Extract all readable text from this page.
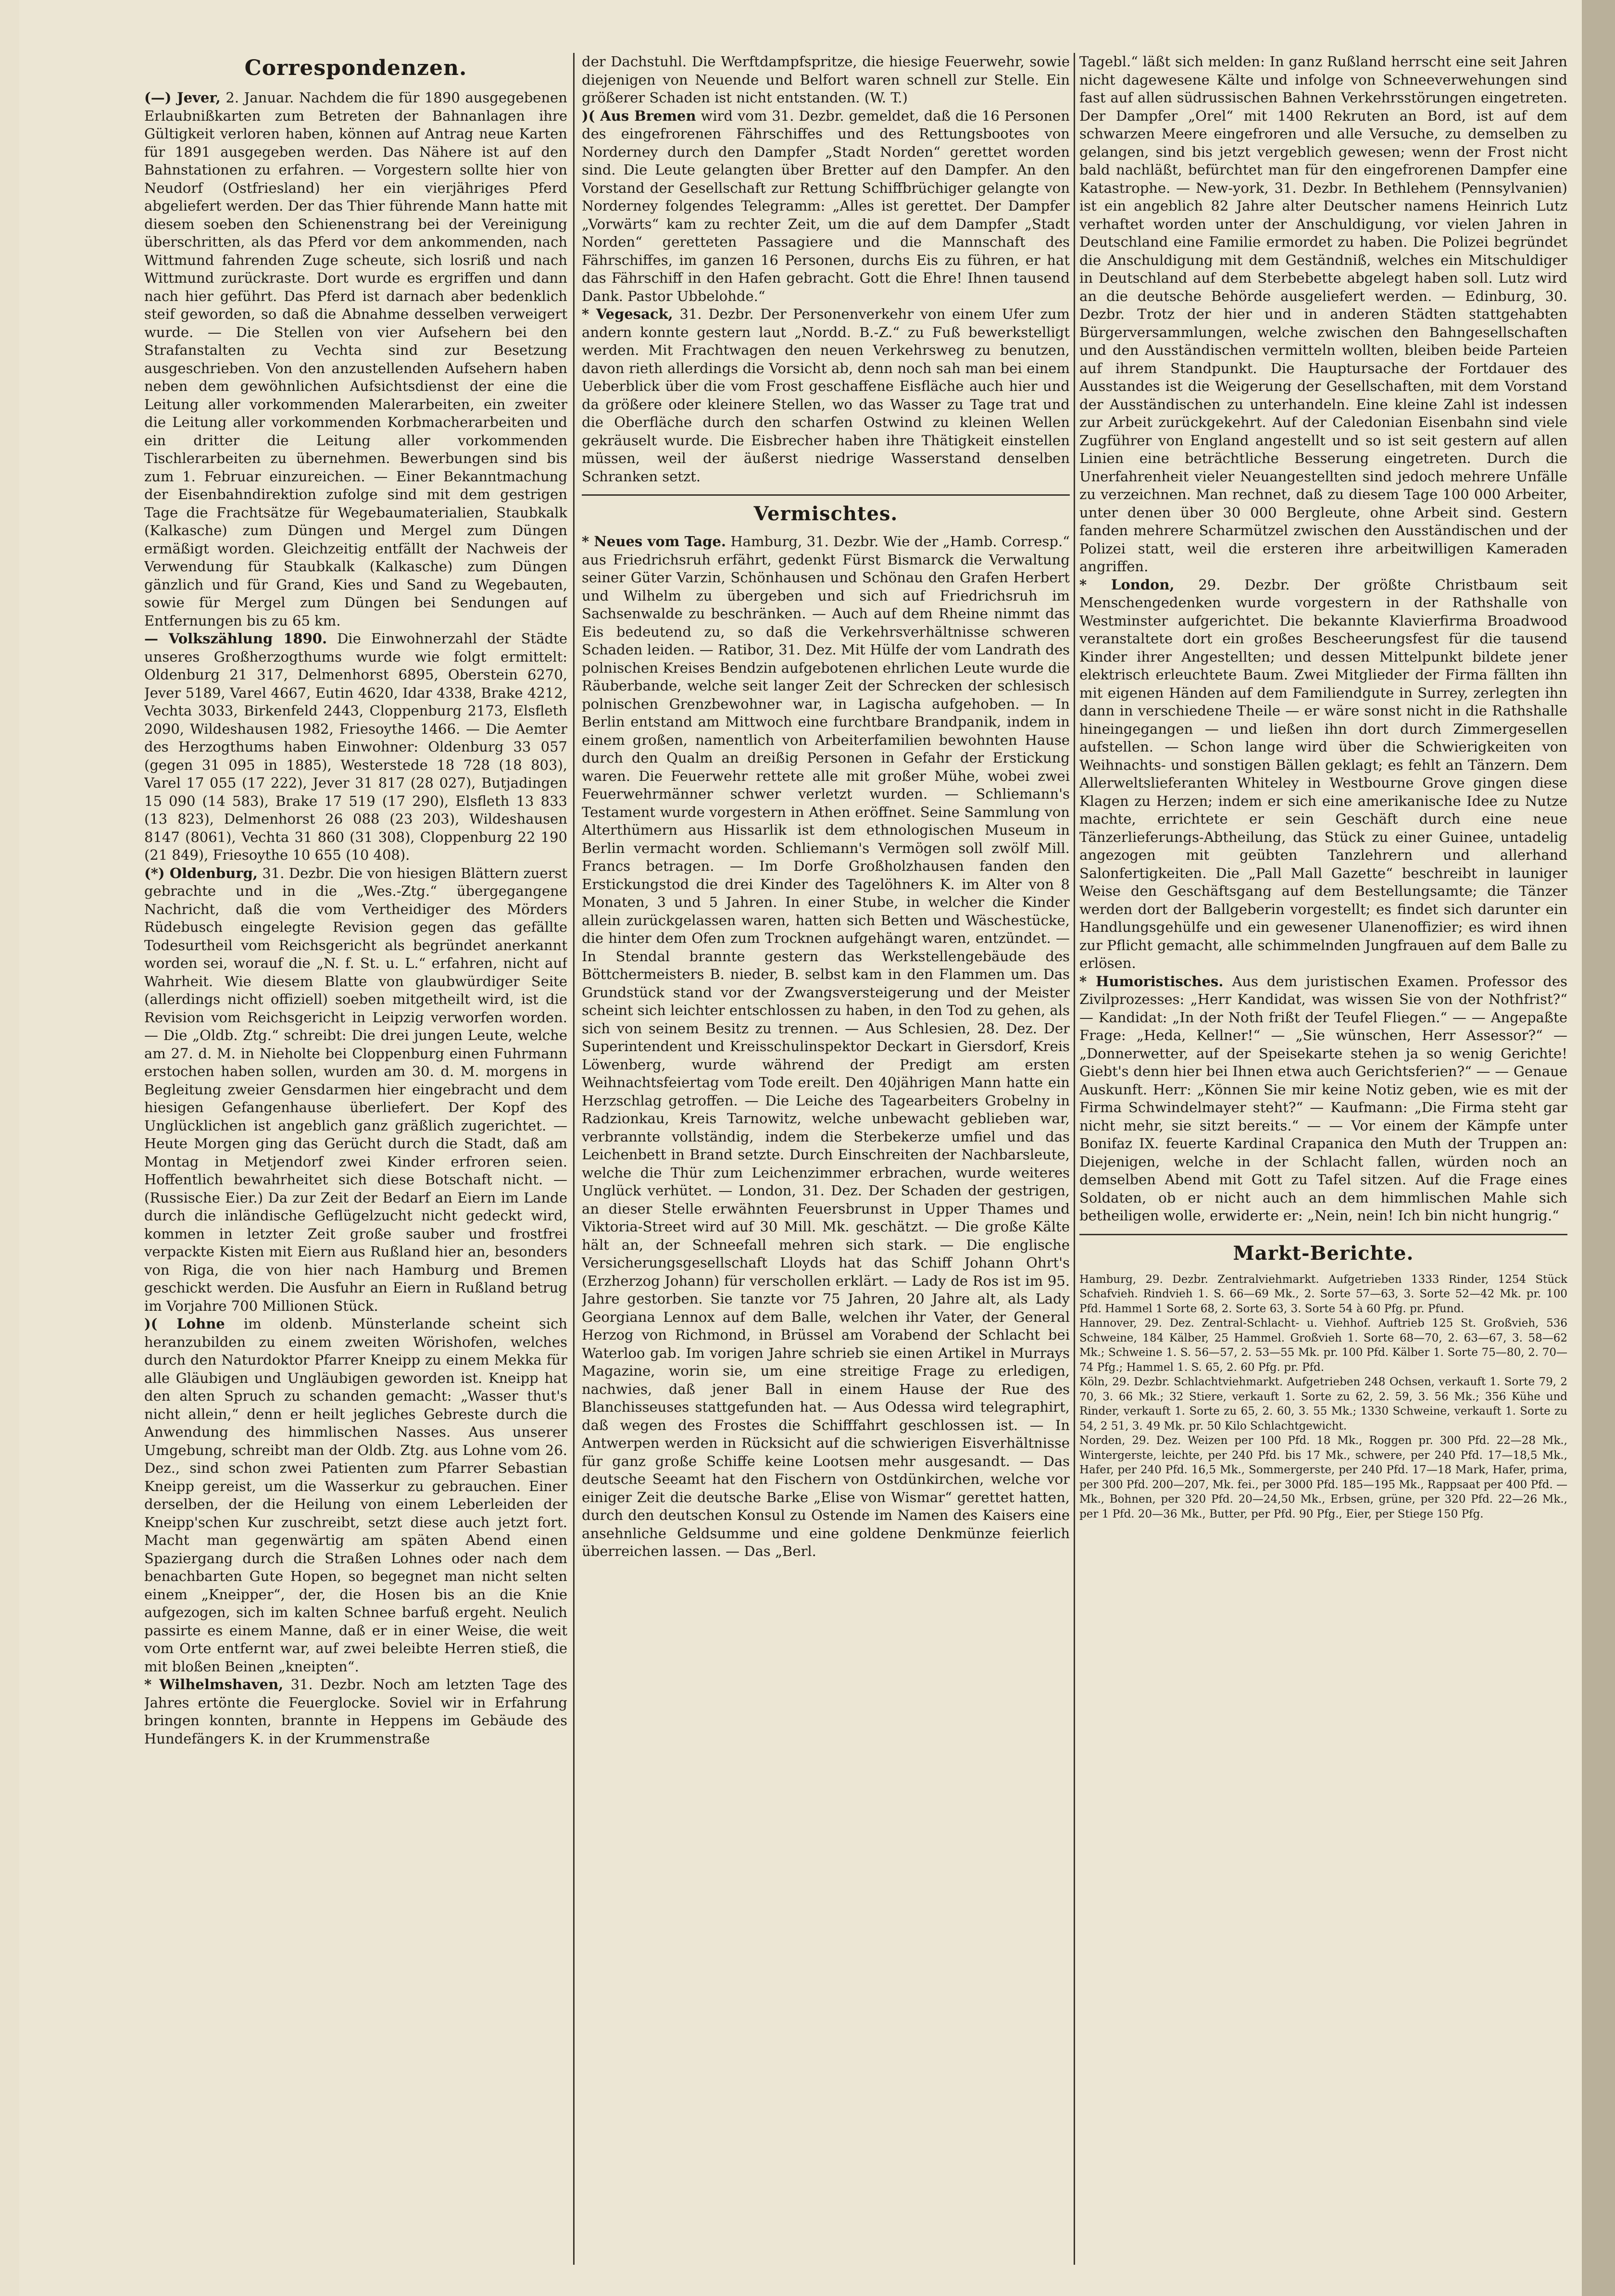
Correspondenzen.

(—) Jever, 2. Januar. Nachdem die für 1890 ausgegebenen Erlaubnißkarten zum Betreten der Bahnanlagen ihre Gültigkeit verloren haben, können auf Antrag neue Karten für 1891 ausgegeben werden. Das Nähere ist auf den Bahnstationen zu erfahren. — Vorgestern sollte hier von Neudorf (Ostfriesland) her ein vierjähriges Pferd abgeliefert werden. Der das Thier führende Mann hatte mit diesem soeben den Schienenstrang bei der Vereinigung überschritten, als das Pferd vor dem ankommenden, nach Wittmund fahrenden Zuge scheute, sich losriß und nach Wittmund zurückraste. Dort wurde es ergriffen und dann nach hier geführt. Das Pferd ist darnach aber bedenklich steif geworden, so daß die Abnahme desselben verweigert wurde. — Die Stellen von vier Aufsehern bei den Strafanstalten zu Vechta sind zur Besetzung ausgeschrieben. Von den anzustellenden Aufsehern haben neben dem gewöhnlichen Aufsichtsdienst der eine die Leitung aller vorkommenden Malerarbeiten, ein zweiter die Leitung aller vorkommenden Korbmacherarbeiten und ein dritter die Leitung aller vorkommenden Tischlerarbeiten zu übernehmen. Bewerbungen sind bis zum 1. Februar einzureichen. — Einer Bekanntmachung der Eisenbahndirektion zufolge sind mit dem gestrigen Tage die Frachtsätze für Wegebaumaterialien, Staubkalk (Kalkasche) zum Düngen und Mergel zum Düngen ermäßigt worden. Gleichzeitig entfällt der Nachweis der Verwendung für Staubkalk (Kalkasche) zum Düngen gänzlich und für Grand, Kies und Sand zu Wegebauten, sowie für Mergel zum Düngen bei Sendungen auf Entfernungen bis zu 65 km.

— Volkszählung 1890. Die Einwohnerzahl der Städte unseres Großherzogthums wurde wie folgt ermittelt: Oldenburg 21 317, Delmenhorst 6895, Oberstein 6270, Jever 5189, Varel 4667, Eutin 4620, Idar 4338, Brake 4212, Vechta 3033, Birkenfeld 2443, Cloppenburg 2173, Elsfleth 2090, Wildeshausen 1982, Friesoythe 1466. — Die Aemter des Herzogthums haben Einwohner: Oldenburg 33 057 (gegen 31 095 in 1885), Westerstede 18 728 (18 803), Varel 17 055 (17 222), Jever 31 817 (28 027), Butjadingen 15 090 (14 583), Brake 17 519 (17 290), Elsfleth 13 833 (13 823), Delmenhorst 26 088 (23 203), Wildeshausen 8147 (8061), Vechta 31 860 (31 308), Cloppenburg 22 190 (21 849), Friesoythe 10 655 (10 408).

(*) Oldenburg, 31. Dezbr. Die von hiesigen Blättern zuerst gebrachte und in die „Wes.-Ztg.“ übergegangene Nachricht, daß die vom Vertheidiger des Mörders Rüdebusch eingelegte Revision gegen das gefällte Todesurtheil vom Reichsgericht als begründet anerkannt worden sei, worauf die „N. f. St. u. L.“ erfahren, nicht auf Wahrheit. Wie diesem Blatte von glaubwürdiger Seite (allerdings nicht offiziell) soeben mitgetheilt wird, ist die Revision vom Reichsgericht in Leipzig verworfen worden. — Die „Oldb. Ztg.“ schreibt: Die drei jungen Leute, welche am 27. d. M. in Nieholte bei Cloppenburg einen Fuhrmann erstochen haben sollen, wurden am 30. d. M. morgens in Begleitung zweier Gensdarmen hier eingebracht und dem hiesigen Gefangenhause überliefert. Der Kopf des Unglücklichen ist angeblich ganz gräßlich zugerichtet. — Heute Morgen ging das Gerücht durch die Stadt, daß am Montag in Metjendorf zwei Kinder erfroren seien. Hoffentlich bewahrheitet sich diese Botschaft nicht. — (Russische Eier.) Da zur Zeit der Bedarf an Eiern im Lande durch die inländische Geflügelzucht nicht gedeckt wird, kommen in letzter Zeit große sauber und frostfrei verpackte Kisten mit Eiern aus Rußland hier an, besonders von Riga, die von hier nach Hamburg und Bremen geschickt werden. Die Ausfuhr an Eiern in Rußland betrug im Vorjahre 700 Millionen Stück.

)( Lohne im oldenb. Münsterlande scheint sich heranzubilden zu einem zweiten Wörishofen, welches durch den Naturdoktor Pfarrer Kneipp zu einem Mekka für alle Gläubigen und Ungläubigen geworden ist. Kneipp hat den alten Spruch zu schanden gemacht: „Wasser thut's nicht allein,“ denn er heilt jegliches Gebreste durch die Anwendung des himmlischen Nasses. Aus unserer Umgebung, schreibt man der Oldb. Ztg. aus Lohne vom 26. Dez., sind schon zwei Patienten zum Pfarrer Sebastian Kneipp gereist, um die Wasserkur zu gebrauchen. Einer derselben, der die Heilung von einem Leberleiden der Kneipp'schen Kur zuschreibt, setzt diese auch jetzt fort. Macht man gegenwärtig am späten Abend einen Spaziergang durch die Straßen Lohnes oder nach dem benachbarten Gute Hopen, so begegnet man nicht selten einem „Kneipper“, der, die Hosen bis an die Knie aufgezogen, sich im kalten Schnee barfuß ergeht. Neulich passirte es einem Manne, daß er in einer Weise, die weit vom Orte entfernt war, auf zwei beleibte Herren stieß, die mit bloßen Beinen „kneipten“.

* Wilhelmshaven, 31. Dezbr. Noch am letzten Tage des Jahres ertönte die Feuerglocke. Soviel wir in Erfahrung bringen konnten, brannte in Heppens im Gebäude des Hundefängers K. in der Krummenstraße

der Dachstuhl. Die Werftdampfspritze, die hiesige Feuerwehr, sowie diejenigen von Neuende und Belfort waren schnell zur Stelle. Ein größerer Schaden ist nicht entstanden. (W. T.)

)( Aus Bremen wird vom 31. Dezbr. gemeldet, daß die 16 Personen des eingefrorenen Fährschiffes und des Rettungsbootes von Norderney durch den Dampfer „Stadt Norden“ gerettet worden sind. Die Leute gelangten über Bretter auf den Dampfer. An den Vorstand der Gesellschaft zur Rettung Schiffbrüchiger gelangte von Norderney folgendes Telegramm: „Alles ist gerettet. Der Dampfer „Vorwärts“ kam zu rechter Zeit, um die auf dem Dampfer „Stadt Norden“ geretteten Passagiere und die Mannschaft des Fährschiffes, im ganzen 16 Personen, durchs Eis zu führen, er hat das Fährschiff in den Hafen gebracht. Gott die Ehre! Ihnen tausend Dank. Pastor Ubbelohde.“

* Vegesack, 31. Dezbr. Der Personenverkehr von einem Ufer zum andern konnte gestern laut „Nordd. B.-Z.“ zu Fuß bewerkstelligt werden. Mit Frachtwagen den neuen Verkehrsweg zu benutzen, davon rieth allerdings die Vorsicht ab, denn noch sah man bei einem Ueberblick über die vom Frost geschaffene Eisfläche auch hier und da größere oder kleinere Stellen, wo das Wasser zu Tage trat und die Oberfläche durch den scharfen Ostwind zu kleinen Wellen gekräuselt wurde. Die Eisbrecher haben ihre Thätigkeit einstellen müssen, weil der äußerst niedrige Wasserstand denselben Schranken setzt.

Vermischtes.

* Neues vom Tage. Hamburg, 31. Dezbr. Wie der „Hamb. Corresp.“ aus Friedrichsruh erfährt, gedenkt Fürst Bismarck die Verwaltung seiner Güter Varzin, Schönhausen und Schönau den Grafen Herbert und Wilhelm zu übergeben und sich auf Friedrichsruh im Sachsenwalde zu beschränken. — Auch auf dem Rheine nimmt das Eis bedeutend zu, so daß die Verkehrsverhältnisse schweren Schaden leiden. — Ratibor, 31. Dez. Mit Hülfe der vom Landrath des polnischen Kreises Bendzin aufgebotenen ehrlichen Leute wurde die Räuberbande, welche seit langer Zeit der Schrecken der schlesisch polnischen Grenzbewohner war, in Lagischa aufgehoben. — In Berlin entstand am Mittwoch eine furchtbare Brandpanik, indem in einem großen, namentlich von Arbeiterfamilien bewohnten Hause durch den Qualm an dreißig Personen in Gefahr der Erstickung waren. Die Feuerwehr rettete alle mit großer Mühe, wobei zwei Feuerwehrmänner schwer verletzt wurden. — Schliemann's Testament wurde vorgestern in Athen eröffnet. Seine Sammlung von Alterthümern aus Hissarlik ist dem ethnologischen Museum in Berlin vermacht worden. Schliemann's Vermögen soll zwölf Mill. Francs betragen. — Im Dorfe Großholzhausen fanden den Erstickungstod die drei Kinder des Tagelöhners K. im Alter von 8 Monaten, 3 und 5 Jahren. In einer Stube, in welcher die Kinder allein zurückgelassen waren, hatten sich Betten und Wäschestücke, die hinter dem Ofen zum Trocknen aufgehängt waren, entzündet. — In Stendal brannte gestern das Werkstellengebäude des Böttchermeisters B. nieder, B. selbst kam in den Flammen um. Das Grundstück stand vor der Zwangsversteigerung und der Meister scheint sich leichter entschlossen zu haben, in den Tod zu gehen, als sich von seinem Besitz zu trennen. — Aus Schlesien, 28. Dez. Der Superintendent und Kreisschulinspektor Deckart in Giersdorf, Kreis Löwenberg, wurde während der Predigt am ersten Weihnachtsfeiertag vom Tode ereilt. Den 40jährigen Mann hatte ein Herzschlag getroffen. — Die Leiche des Tagearbeiters Grobelny in Radzionkau, Kreis Tarnowitz, welche unbewacht geblieben war, verbrannte vollständig, indem die Sterbekerze umfiel und das Leichenbett in Brand setzte. Durch Einschreiten der Nachbarsleute, welche die Thür zum Leichenzimmer erbrachen, wurde weiteres Unglück verhütet. — London, 31. Dez. Der Schaden der gestrigen, an dieser Stelle erwähnten Feuersbrunst in Upper Thames und Viktoria-Street wird auf 30 Mill. Mk. geschätzt. — Die große Kälte hält an, der Schneefall mehren sich stark. — Die englische Versicherungsgesellschaft Lloyds hat das Schiff Johann Ohrt's (Erzherzog Johann) für verschollen erklärt. — Lady de Ros ist im 95. Jahre gestorben. Sie tanzte vor 75 Jahren, 20 Jahre alt, als Lady Georgiana Lennox auf dem Balle, welchen ihr Vater, der General Herzog von Richmond, in Brüssel am Vorabend der Schlacht bei Waterloo gab. Im vorigen Jahre schrieb sie einen Artikel in Murrays Magazine, worin sie, um eine streitige Frage zu erledigen, nachwies, daß jener Ball in einem Hause der Rue des Blanchisseuses stattgefunden hat. — Aus Odessa wird telegraphirt, daß wegen des Frostes die Schifffahrt geschlossen ist. — In Antwerpen werden in Rücksicht auf die schwierigen Eisverhältnisse für ganz große Schiffe keine Lootsen mehr ausgesandt. — Das deutsche Seeamt hat den Fischern von Ostdünkirchen, welche vor einiger Zeit die deutsche Barke „Elise von Wismar“ gerettet hatten, durch den deutschen Konsul zu Ostende im Namen des Kaisers eine ansehnliche Geldsumme und eine goldene Denkmünze feierlich überreichen lassen. — Das „Berl.

Tagebl.“ läßt sich melden: In ganz Rußland herrscht eine seit Jahren nicht dagewesene Kälte und infolge von Schneeverwehungen sind fast auf allen südrussischen Bahnen Verkehrsstörungen eingetreten. Der Dampfer „Orel“ mit 1400 Rekruten an Bord, ist auf dem schwarzen Meere eingefroren und alle Versuche, zu demselben zu gelangen, sind bis jetzt vergeblich gewesen; wenn der Frost nicht bald nachläßt, befürchtet man für den eingefrorenen Dampfer eine Katastrophe. — New-york, 31. Dezbr. In Bethlehem (Pennsylvanien) ist ein angeblich 82 Jahre alter Deutscher namens Heinrich Lutz verhaftet worden unter der Anschuldigung, vor vielen Jahren in Deutschland eine Familie ermordet zu haben. Die Polizei begründet die Anschuldigung mit dem Geständniß, welches ein Mitschuldiger in Deutschland auf dem Sterbebette abgelegt haben soll. Lutz wird an die deutsche Behörde ausgeliefert werden. — Edinburg, 30. Dezbr. Trotz der hier und in anderen Städten stattgehabten Bürgerversammlungen, welche zwischen den Bahngesellschaften und den Ausständischen vermitteln wollten, bleiben beide Parteien auf ihrem Standpunkt. Die Hauptursache der Fortdauer des Ausstandes ist die Weigerung der Gesellschaften, mit dem Vorstand der Ausständischen zu unterhandeln. Eine kleine Zahl ist indessen zur Arbeit zurückgekehrt. Auf der Caledonian Eisenbahn sind viele Zugführer von England angestellt und so ist seit gestern auf allen Linien eine beträchtliche Besserung eingetreten. Durch die Unerfahrenheit vieler Neuangestellten sind jedoch mehrere Unfälle zu verzeichnen. Man rechnet, daß zu diesem Tage 100 000 Arbeiter, unter denen über 30 000 Bergleute, ohne Arbeit sind. Gestern fanden mehrere Scharmützel zwischen den Ausständischen und der Polizei statt, weil die ersteren ihre arbeitwilligen Kameraden angriffen.

* London, 29. Dezbr. Der größte Christbaum seit Menschengedenken wurde vorgestern in der Rathshalle von Westminster aufgerichtet. Die bekannte Klavierfirma Broadwood veranstaltete dort ein großes Bescheerungsfest für die tausend Kinder ihrer Angestellten; und dessen Mittelpunkt bildete jener elektrisch erleuchtete Baum. Zwei Mitglieder der Firma fällten ihn mit eigenen Händen auf dem Familiendgute in Surrey, zerlegten ihn dann in verschiedene Theile — er wäre sonst nicht in die Rathshalle hineingegangen — und ließen ihn dort durch Zimmergesellen aufstellen. — Schon lange wird über die Schwierigkeiten von Weihnachts- und sonstigen Bällen geklagt; es fehlt an Tänzern. Dem Allerweltslieferanten Whiteley in Westbourne Grove gingen diese Klagen zu Herzen; indem er sich eine amerikanische Idee zu Nutze machte, errichtete er sein Geschäft durch eine neue Tänzerlieferungs-Abtheilung, das Stück zu einer Guinee, untadelig angezogen mit geübten Tanzlehrern und allerhand Salonfertigkeiten. Die „Pall Mall Gazette“ beschreibt in launiger Weise den Geschäftsgang auf dem Bestellungsamte; die Tänzer werden dort der Ballgeberin vorgestellt; es findet sich darunter ein Handlungsgehülfe und ein gewesener Ulanenoffizier; es wird ihnen zur Pflicht gemacht, alle schimmelnden Jungfrauen auf dem Balle zu erlösen.

* Humoristisches. Aus dem juristischen Examen. Professor des Zivilprozesses: „Herr Kandidat, was wissen Sie von der Nothfrist?“ — Kandidat: „In der Noth frißt der Teufel Fliegen.“ — — Angepaßte Frage: „Heda, Kellner!“ — „Sie wünschen, Herr Assessor?“ — „Donnerwetter, auf der Speisekarte stehen ja so wenig Gerichte! Giebt's denn hier bei Ihnen etwa auch Gerichtsferien?“ — — Genaue Auskunft. Herr: „Können Sie mir keine Notiz geben, wie es mit der Firma Schwindelmayer steht?“ — Kaufmann: „Die Firma steht gar nicht mehr, sie sitzt bereits.“ — — Vor einem der Kämpfe unter Bonifaz IX. feuerte Kardinal Crapanica den Muth der Truppen an: Diejenigen, welche in der Schlacht fallen, würden noch an demselben Abend mit Gott zu Tafel sitzen. Auf die Frage eines Soldaten, ob er nicht auch an dem himmlischen Mahle sich betheiligen wolle, erwiderte er: „Nein, nein! Ich bin nicht hungrig.“

Markt-Berichte.

Hamburg, 29. Dezbr. Zentralviehmarkt. Aufgetrieben 1333 Rinder, 1254 Stück Schafvieh. Rindvieh 1. S. 66—69 Mk., 2. Sorte 57—63, 3. Sorte 52—42 Mk. pr. 100 Pfd. Hammel 1 Sorte 68, 2. Sorte 63, 3. Sorte 54 à 60 Pfg. pr. Pfund.

Hannover, 29. Dez. Zentral-Schlacht- u. Viehhof. Auftrieb 125 St. Großvieh, 536 Schweine, 184 Kälber, 25 Hammel. Großvieh 1. Sorte 68—70, 2. 63—67, 3. 58—62 Mk.; Schweine 1. S. 56—57, 2. 53—55 Mk. pr. 100 Pfd. Kälber 1. Sorte 75—80, 2. 70—74 Pfg.; Hammel 1. S. 65, 2. 60 Pfg. pr. Pfd.

Köln, 29. Dezbr. Schlachtviehmarkt. Aufgetrieben 248 Ochsen, verkauft 1. Sorte 79, 2 70, 3. 66 Mk.; 32 Stiere, verkauft 1. Sorte zu 62, 2. 59, 3. 56 Mk.; 356 Kühe und Rinder, verkauft 1. Sorte zu 65, 2. 60, 3. 55 Mk.; 1330 Schweine, verkauft 1. Sorte zu 54, 2 51, 3. 49 Mk. pr. 50 Kilo Schlachtgewicht.

Norden, 29. Dez. Weizen per 100 Pfd. 18 Mk., Roggen pr. 300 Pfd. 22—28 Mk., Wintergerste, leichte, per 240 Pfd. bis 17 Mk., schwere, per 240 Pfd. 17—18,5 Mk., Hafer, per 240 Pfd. 16,5 Mk., Sommergerste, per 240 Pfd. 17—18 Mark, Hafer, prima, per 300 Pfd. 200—207, Mk. fei., per 3000 Pfd. 185—195 Mk., Rappsaat per 400 Pfd. — Mk., Bohnen, per 320 Pfd. 20—24,50 Mk., Erbsen, grüne, per 320 Pfd. 22—26 Mk., per 1 Pfd. 20—36 Mk., Butter, per Pfd. 90 Pfg., Eier, per Stiege 150 Pfg.
